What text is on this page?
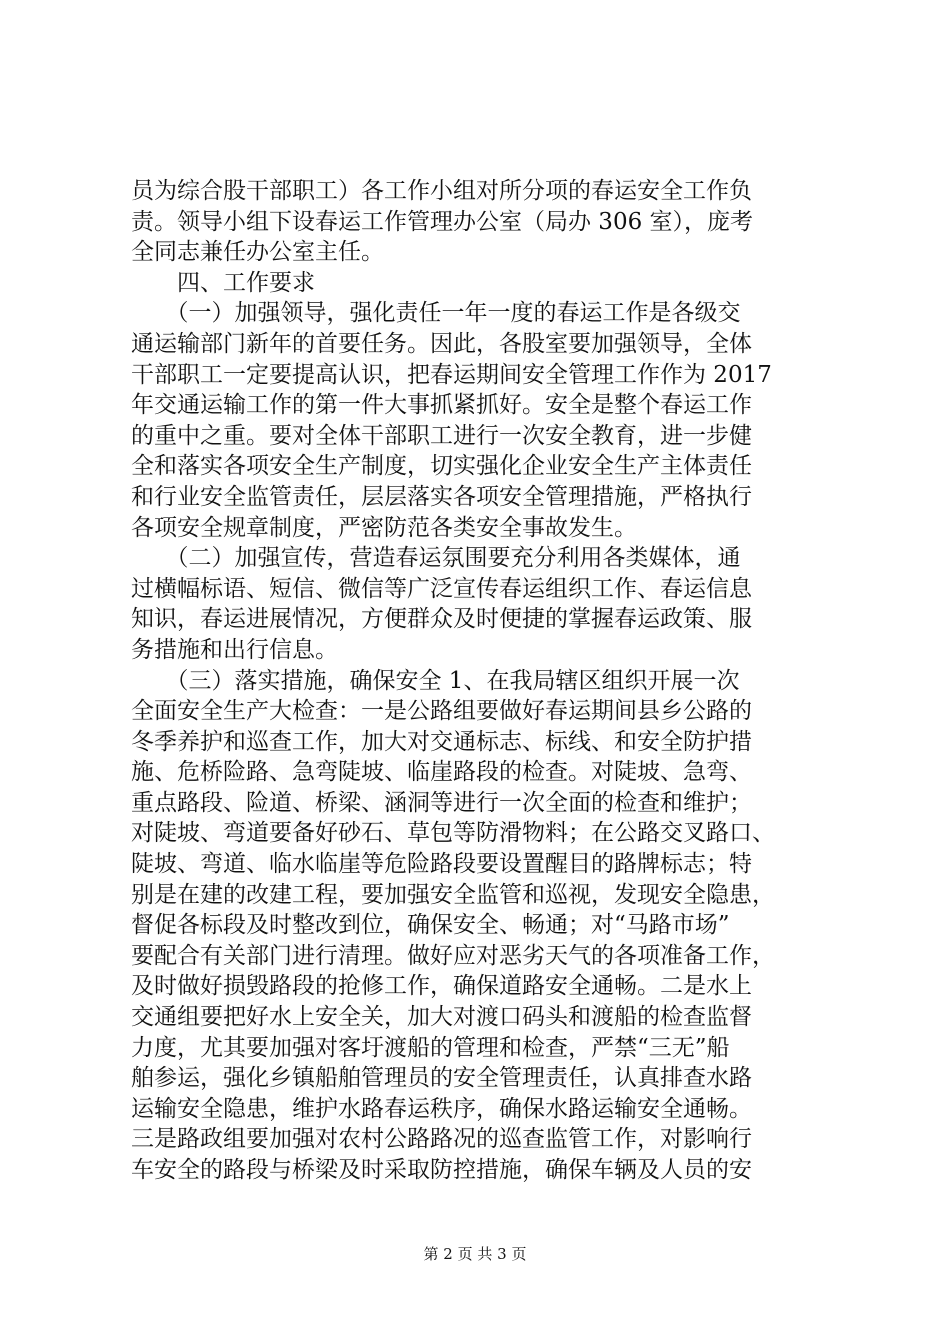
员为综合股干部职工）各工作小组对所分项的春运安全工作负
责。领导小组下设春运工作管理办公室（局办 306 室），庞考
全同志兼任办公室主任。
　　四、工作要求
　　（一）加强领导，强化责任一年一度的春运工作是各级交
通运输部门新年的首要任务。因此，各股室要加强领导，全体
干部职工一定要提高认识，把春运期间安全管理工作作为 2017
年交通运输工作的第一件大事抓紧抓好。安全是整个春运工作
的重中之重。要对全体干部职工进行一次安全教育，进一步健
全和落实各项安全生产制度，切实强化企业安全生产主体责任
和行业安全监管责任，层层落实各项安全管理措施，严格执行
各项安全规章制度，严密防范各类安全事故发生。
　　（二）加强宣传，营造春运氛围要充分利用各类媒体，通
过横幅标语、短信、微信等广泛宣传春运组织工作、春运信息
知识，春运进展情况，方便群众及时便捷的掌握春运政策、服
务措施和出行信息。
　　（三）落实措施，确保安全 1、在我局辖区组织开展一次
全面安全生产大检查：一是公路组要做好春运期间县乡公路的
冬季养护和巡查工作，加大对交通标志、标线、和安全防护措
施、危桥险路、急弯陡坡、临崖路段的检查。对陡坡、急弯、
重点路段、险道、桥梁、涵洞等进行一次全面的检查和维护；
对陡坡、弯道要备好砂石、草包等防滑物料；在公路交叉路口、
陡坡、弯道、临水临崖等危险路段要设置醒目的路牌标志；特
别是在建的改建工程，要加强安全监管和巡视，发现安全隐患，
督促各标段及时整改到位，确保安全、畅通；对“马路市场”
要配合有关部门进行清理。做好应对恶劣天气的各项准备工作，
及时做好损毁路段的抢修工作，确保道路安全通畅。二是水上
交通组要把好水上安全关，加大对渡口码头和渡船的检查监督
力度，尤其要加强对客圩渡船的管理和检查，严禁“三无”船
舶参运，强化乡镇船舶管理员的安全管理责任，认真排查水路
运输安全隐患，维护水路春运秩序，确保水路运输安全通畅。
三是路政组要加强对农村公路路况的巡查监管工作，对影响行
车安全的路段与桥梁及时采取防控措施，确保车辆及人员的安
第 2 页 共 3 页
